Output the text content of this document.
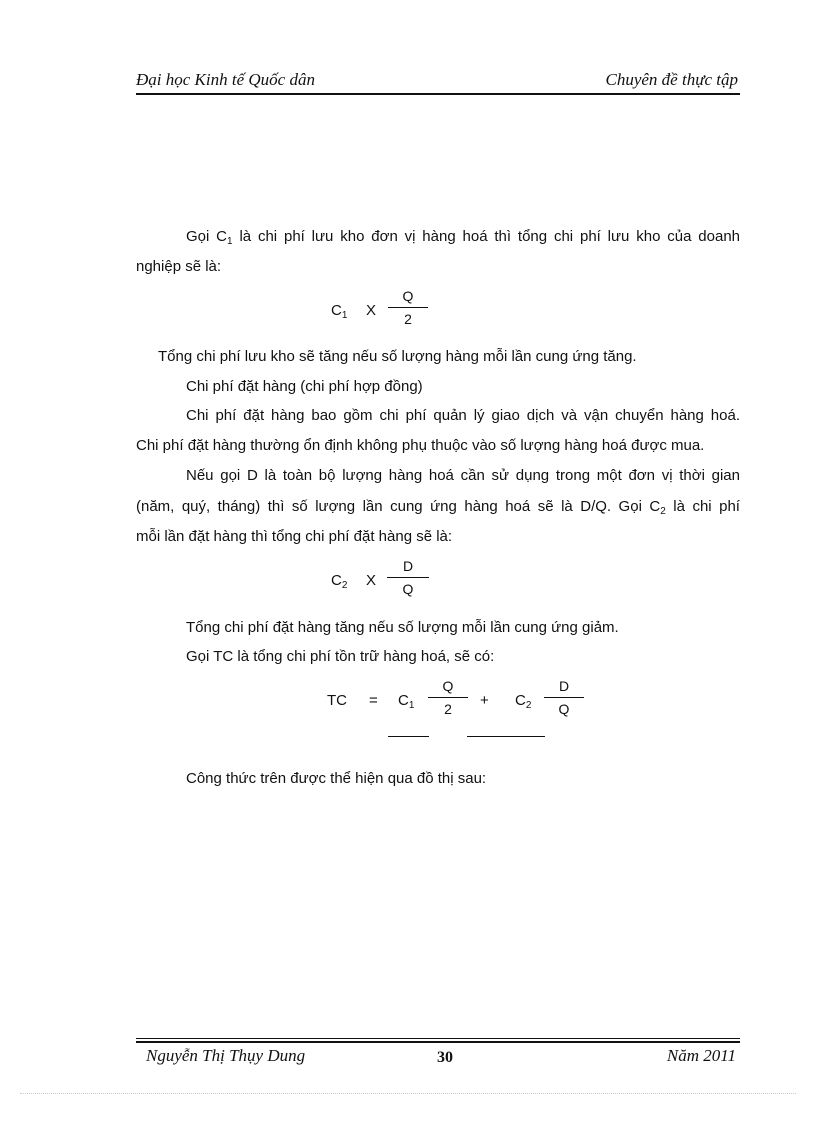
Đại học Kinh tế Quốc dân	Chuyên đề thực tập
Gọi $C_1$ là chi phí lưu kho đơn vị hàng hoá thì tổng chi phí lưu kho của doanh
nghiệp sẽ là:
$C_1$ X
Q
2
Tổng chi phí lưu kho sẽ tăng nếu số lượng hàng mỗi lần cung ứng tăng.
Chi phí đặt hàng (chi phí hợp đồng)
Chi phí đặt hàng bao gồm chi phí quản lý giao dịch và vận chuyển hàng hoá.
Chi phí đặt hàng thường ổn định không phụ thuộc vào số lượng hàng hoá được mua.
Nếu gọi D là toàn bộ lượng hàng hoá cần sử dụng trong một đơn vị thời gian
(năm, quý, tháng) thì số lượng lần cung ứng hàng hoá sẽ là D/Q. Gọi $C_2$ là chi phí
mỗi lần đặt hàng thì tổng chi phí đặt hàng sẽ là:
$C_2$ X
D
Q
Tổng chi phí đặt hàng tăng nếu số lượng mỗi lần cung ứng giảm.
Gọi TC là tổng chi phí tồn trữ hàng hoá, sẽ có:
TC = $C_1$
Q
$2 + C_2$
D
Q
Công thức trên được thể hiện qua đồ thị sau:
Nguyễn Thị Thụy Dung	30	Năm 2011
